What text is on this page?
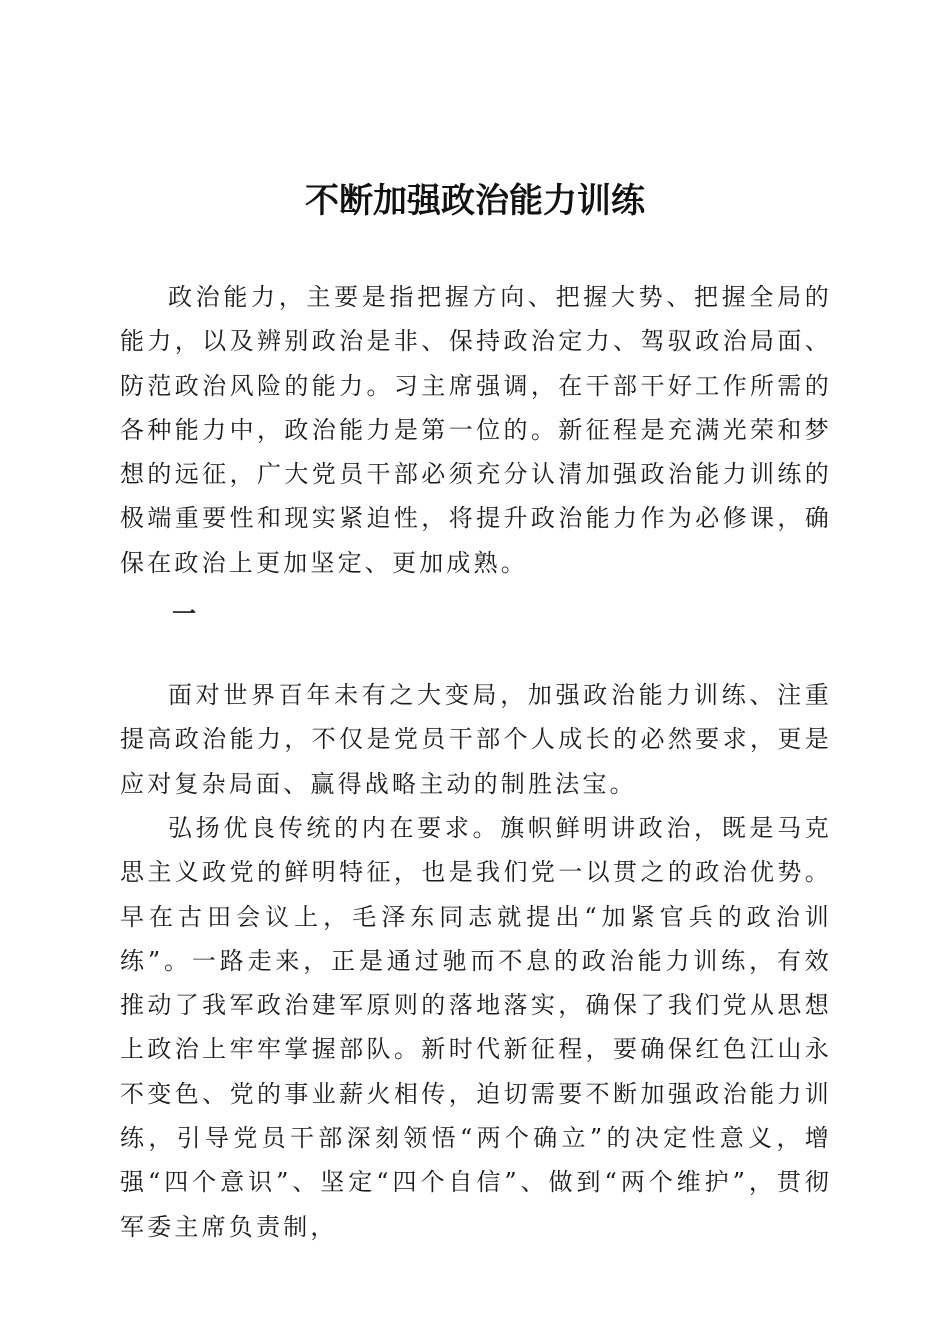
不断加强政治能力训练

政治能力，主要是指把握方向、把握大势、把握全局的能力，以及辨别政治是非、保持政治定力、驾驭政治局面、防范政治风险的能力。习主席强调，在干部干好工作所需的各种能力中，政治能力是第一位的。新征程是充满光荣和梦想的远征，广大党员干部必须充分认清加强政治能力训练的极端重要性和现实紧迫性，将提升政治能力作为必修课，确保在政治上更加坚定、更加成熟。

一

面对世界百年未有之大变局，加强政治能力训练、注重提高政治能力，不仅是党员干部个人成长的必然要求，更是应对复杂局面、赢得战略主动的制胜法宝。

弘扬优良传统的内在要求。旗帜鲜明讲政治，既是马克思主义政党的鲜明特征，也是我们党一以贯之的政治优势。早在古田会议上，毛泽东同志就提出“加紧官兵的政治训练”。一路走来，正是通过驰而不息的政治能力训练，有效推动了我军政治建军原则的落地落实，确保了我们党从思想上政治上牢牢掌握部队。新时代新征程，要确保红色江山永不变色、党的事业薪火相传，迫切需要不断加强政治能力训练，引导党员干部深刻领悟“两个确立”的决定性意义，增强“四个意识”、坚定“四个自信”、做到“两个维护”，贯彻军委主席负责制，
